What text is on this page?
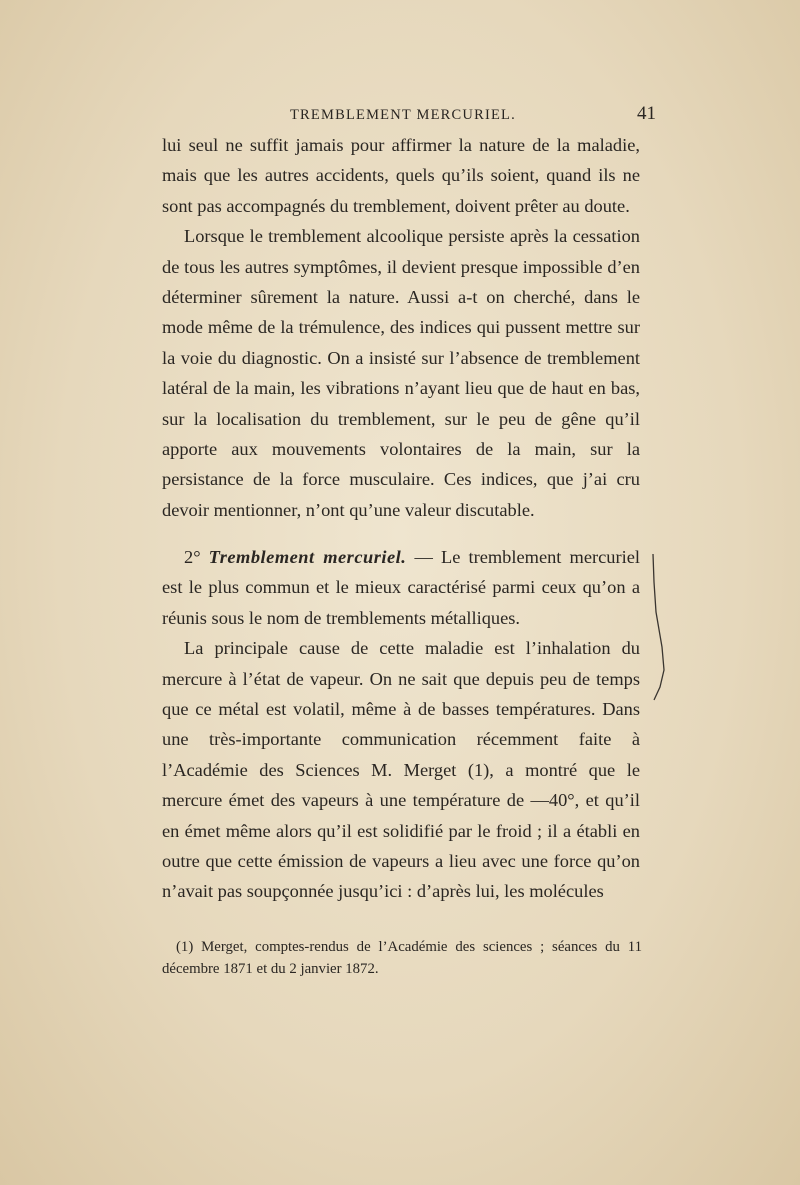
TREMBLEMENT MERCURIEL.	41

lui seul ne suffit jamais pour affirmer la nature de la maladie, mais que les autres accidents, quels qu’ils soient, quand ils ne sont pas accompagnés du tremblement, doivent prêter au doute.

Lorsque le tremblement alcoolique persiste après la cessation de tous les autres symptômes, il devient presque impossible d’en déterminer sûrement la nature. Aussi a-t on cherché, dans le mode même de la trémulence, des indices qui pussent mettre sur la voie du diagnostic. On a insisté sur l’absence de tremblement latéral de la main, les vibrations n’ayant lieu que de haut en bas, sur la localisation du tremblement, sur le peu de gêne qu’il apporte aux mouvements volontaires de la main, sur la persistance de la force musculaire. Ces indices, que j’ai cru devoir mentionner, n’ont qu’une valeur discutable.

2° Tremblement mercuriel. — Le tremblement mercuriel est le plus commun et le mieux caractérisé parmi ceux qu’on a réunis sous le nom de tremblements métalliques.

La principale cause de cette maladie est l’inhalation du mercure à l’état de vapeur. On ne sait que depuis peu de temps que ce métal est volatil, même à de basses températures. Dans une très-importante communication récemment faite à l’Académie des Sciences M. Merget (1), a montré que le mercure émet des vapeurs à une température de —40°, et qu’il en émet même alors qu’il est solidifié par le froid ; il a établi en outre que cette émission de vapeurs a lieu avec une force qu’on n’avait pas soupçonnée jusqu’ici : d’après lui, les molécules

(1) Merget, comptes-rendus de l’Académie des sciences ; séances du 11 décembre 1871 et du 2 janvier 1872.
